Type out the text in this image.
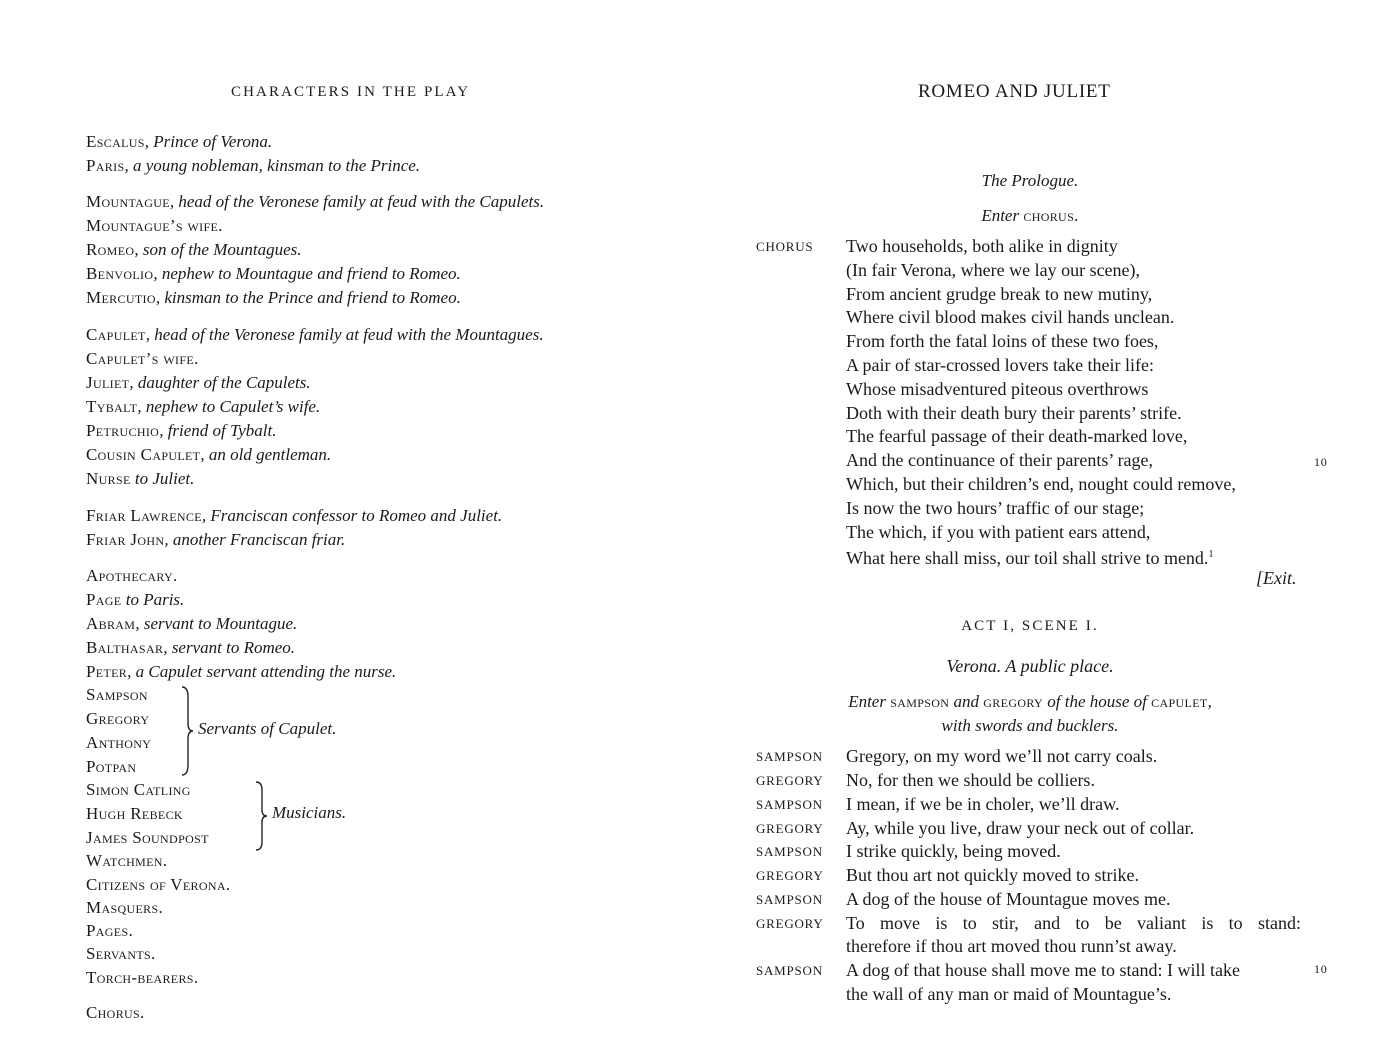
CHARACTERS IN THE PLAY
Escalus, Prince of Verona.
Paris, a young nobleman, kinsman to the Prince.
Mountague, head of the Veronese family at feud with the Capulets.
Mountague’s wife.
Romeo, son of the Mountagues.
Benvolio, nephew to Mountague and friend to Romeo.
Mercutio, kinsman to the Prince and friend to Romeo.
Capulet, head of the Veronese family at feud with the Mountagues.
Capulet’s wife.
Juliet, daughter of the Capulets.
Tybalt, nephew to Capulet’s wife.
Petruchio, friend of Tybalt.
Cousin Capulet, an old gentleman.
Nurse to Juliet.
Friar Lawrence, Franciscan confessor to Romeo and Juliet.
Friar John, another Franciscan friar.
Apothecary.
Page to Paris.
Abram, servant to Mountague.
Balthasar, servant to Romeo.
Peter, a Capulet servant attending the nurse.
Sampson
Gregory
Anthony
Potpan
Simon Catling
Hugh Rebeck
James Soundpost
Watchmen.
Citizens of Verona.
Masquers.
Pages.
Servants.
Torch-bearers.
Chorus.
Servants of Capulet.
Musicians.
ROMEO AND JULIET
The Prologue.
Enter chorus.
CHORUS Two households, both alike in dignity
(In fair Verona, where we lay our scene),
From ancient grudge break to new mutiny,
Where civil blood makes civil hands unclean.
From forth the fatal loins of these two foes,
A pair of star-crossed lovers take their life:
Whose misadventured piteous overthrows
Doth with their death bury their parents’ strife.
The fearful passage of their death-marked love,
And the continuance of their parents’ rage,
Which, but their children’s end, nought could remove,
Is now the two hours’ traffic of our stage;
The which, if you with patient ears attend,
What here shall miss, our toil shall strive to mend.$^1$
10
[Exit.
ACT I, SCENE I.
Verona. A public place.
Enter sampson and gregory of the house of capulet,
with swords and bucklers.
SAMPSON Gregory, on my word we’ll not carry coals.
GREGORY No, for then we should be colliers.
SAMPSON I mean, if we be in choler, we’ll draw.
GREGORY Ay, while you live, draw your neck out of collar.
SAMPSON I strike quickly, being moved.
GREGORY But thou art not quickly moved to strike.
SAMPSON A dog of the house of Mountague moves me.
GREGORY To move is to stir, and to be valiant is to stand:
therefore if thou art moved thou runn’st away.
SAMPSON A dog of that house shall move me to stand: I will take
the wall of any man or maid of Mountague’s.
10
